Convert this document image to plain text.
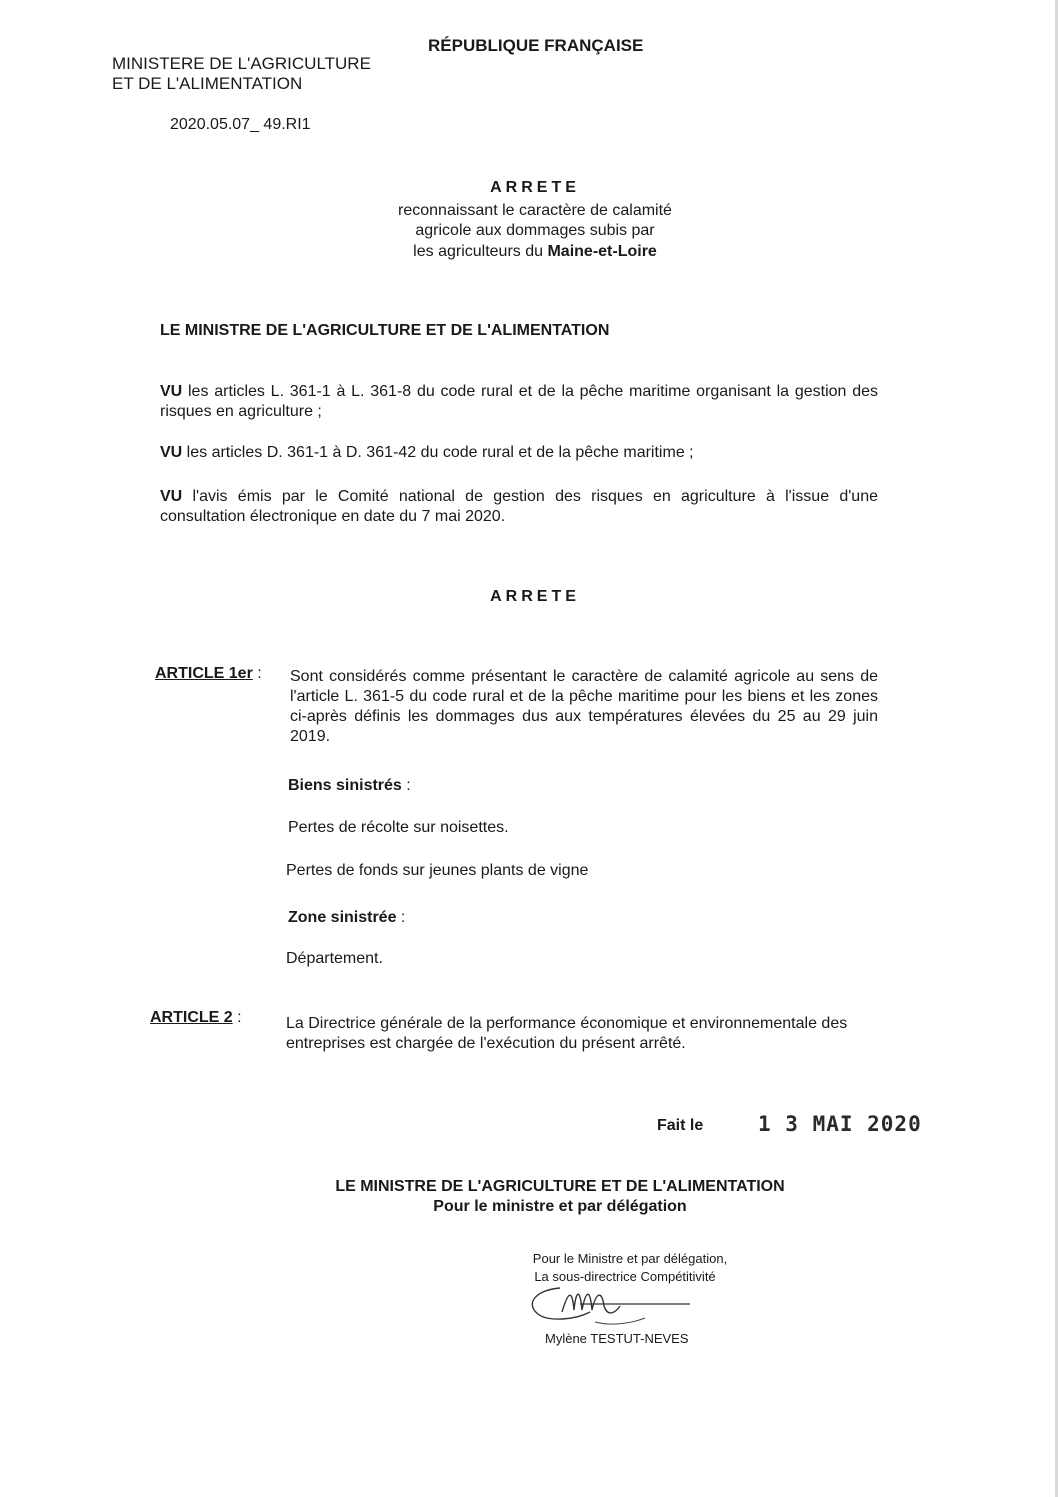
RÉPUBLIQUE FRANÇAISE
MINISTERE DE L'AGRICULTURE
ET DE L'ALIMENTATION
2020.05.07_ 49.RI1
ARRETE
reconnaissant le caractère de calamité
agricole aux dommages subis par
les agriculteurs du Maine-et-Loire
LE MINISTRE DE L'AGRICULTURE ET DE L'ALIMENTATION
VU les articles L. 361-1 à L. 361-8 du code rural et de la pêche maritime organisant la gestion des risques en agriculture ;
VU les articles D. 361-1 à D. 361-42 du code rural et de la pêche maritime ;
VU l'avis émis par le Comité national de gestion des risques en agriculture à l'issue d'une consultation électronique en date du 7 mai 2020.
ARRETE
ARTICLE 1er : Sont considérés comme présentant le caractère de calamité agricole au sens de l'article L. 361-5 du code rural et de la pêche maritime pour les biens et les zones ci-après définis les dommages dus aux températures élevées du 25 au 29 juin 2019.
Biens sinistrés :
Pertes de récolte sur noisettes.
Pertes de fonds sur jeunes plants de vigne
Zone sinistrée :
Département.
ARTICLE 2 :	La Directrice générale de la performance économique et environnementale des entreprises est chargée de l'exécution du présent arrêté.
Fait le	1 3 MAI 2020
LE MINISTRE DE L'AGRICULTURE ET DE L'ALIMENTATION
Pour le ministre et par délégation
Pour le Ministre et par délégation,
La sous-directrice Compétitivité
Mylène TESTUT-NEVES
